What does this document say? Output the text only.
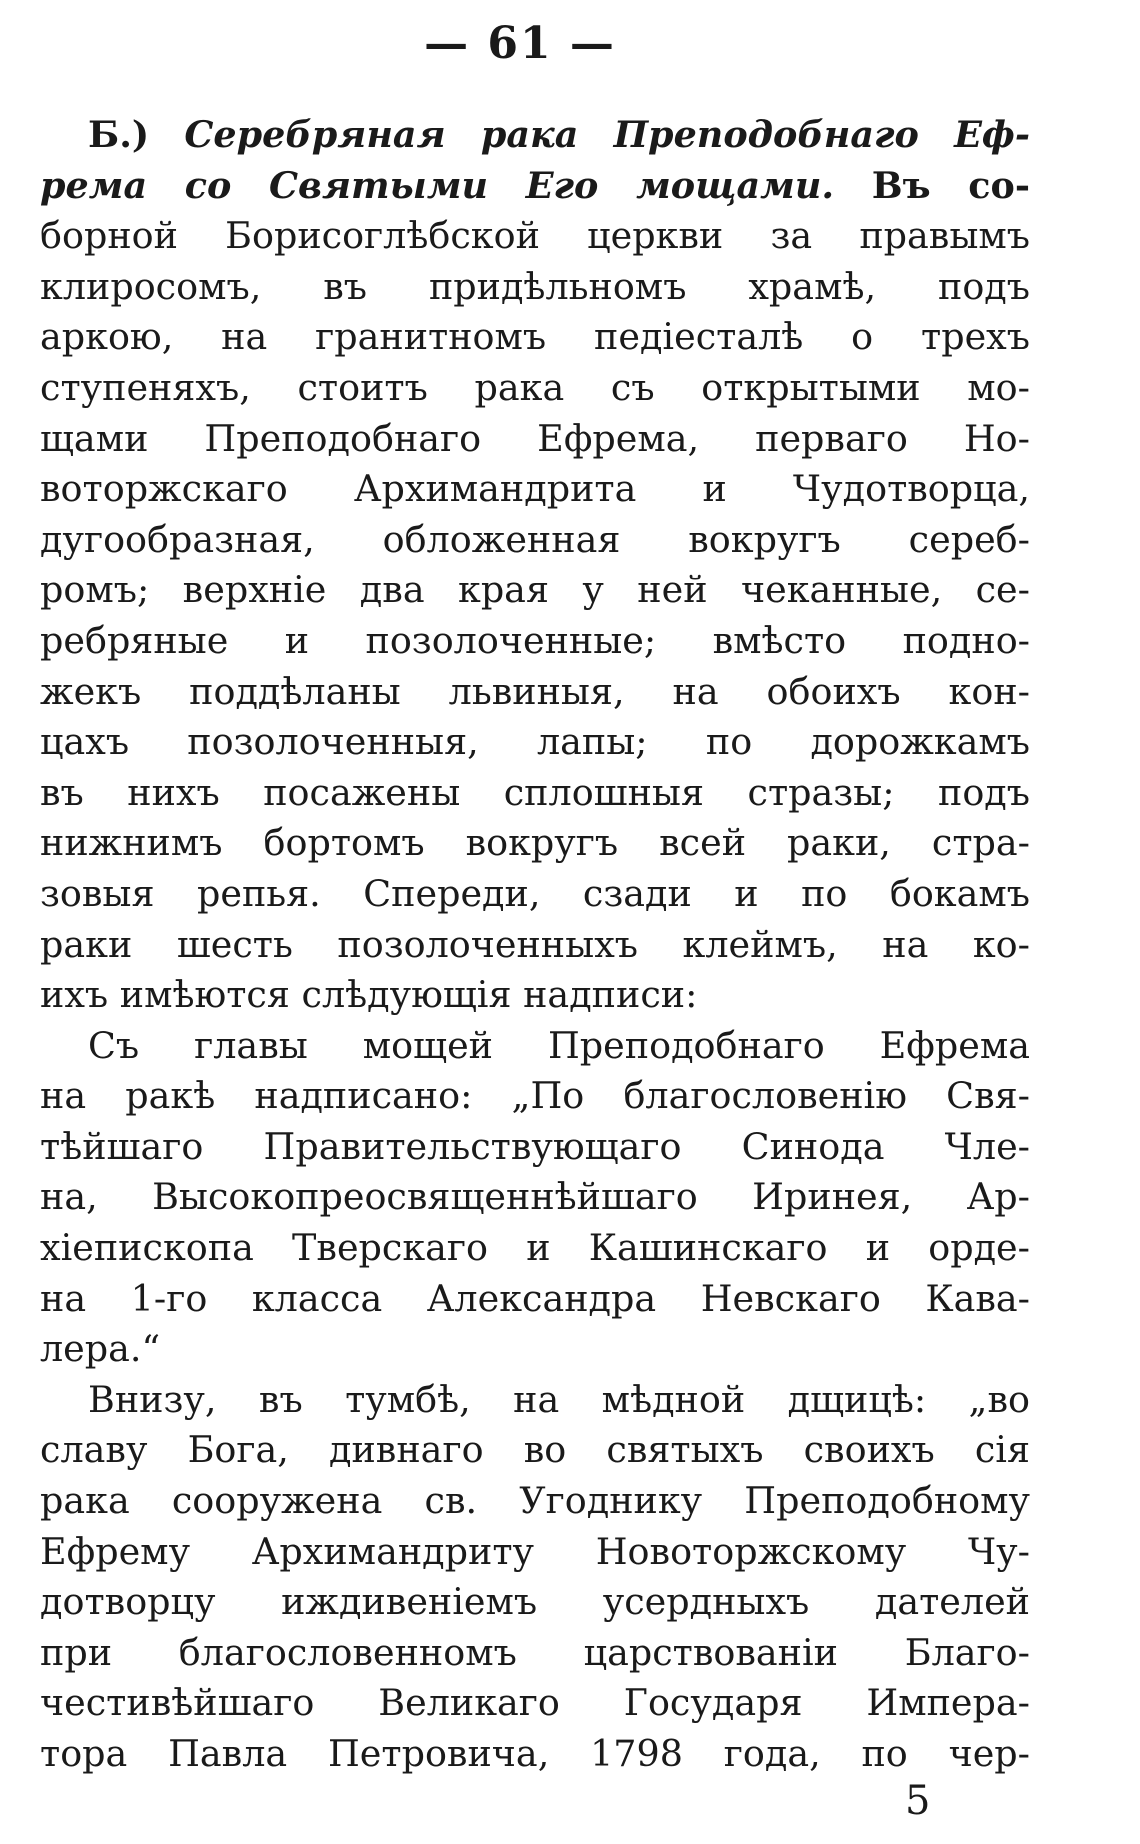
— 61 —
Б.) Серебряная рака Преподобнаго Еф-
рема со Святыми Его мощами. Въ со-
борной Борисоглѣбской церкви за правымъ
клиросомъ, въ придѣльномъ храмѣ, подъ
аркою, на гранитномъ педіесталѣ о трехъ
ступеняхъ, стоитъ рака съ открытыми мо-
щами Преподобнаго Ефрема, перваго Но-
воторжскаго Архимандрита и Чудотворца,
дугообразная, обложенная вокругъ сереб-
ромъ; верхніе два края у ней чеканные, се-
ребряные и позолоченные; вмѣсто подно-
жекъ поддѣланы львиныя, на обоихъ кон-
цахъ позолоченныя, лапы; по дорожкамъ
въ нихъ посажены сплошныя стразы; подъ
нижнимъ бортомъ вокругъ всей раки, стра-
зовыя репья. Спереди, сзади и по бокамъ
раки шесть позолоченныхъ клеймъ, на ко-
ихъ имѣются слѣдующія надписи:
Съ главы мощей Преподобнаго Ефрема
на ракѣ надписано: „По благословенію Свя-
тѣйшаго Правительствующаго Синода Чле-
на, Высокопреосвященнѣйшаго Иринея, Ар-
хіепископа Тверскаго и Кашинскаго и орде-
на 1-го класса Александра Невскаго Кава-
лера.“
Внизу, въ тумбѣ, на мѣдной дщицѣ: „во
славу Бога, дивнаго во святыхъ своихъ сія
рака сооружена св. Угоднику Преподобному
Ефрему Архимандриту Новоторжскому Чу-
дотворцу иждивеніемъ усердныхъ дателей
при благословенномъ царствованіи Благо-
честивѣйшаго Великаго Государя Импера-
тора Павла Петровича, 1798 года, по чер-
5
